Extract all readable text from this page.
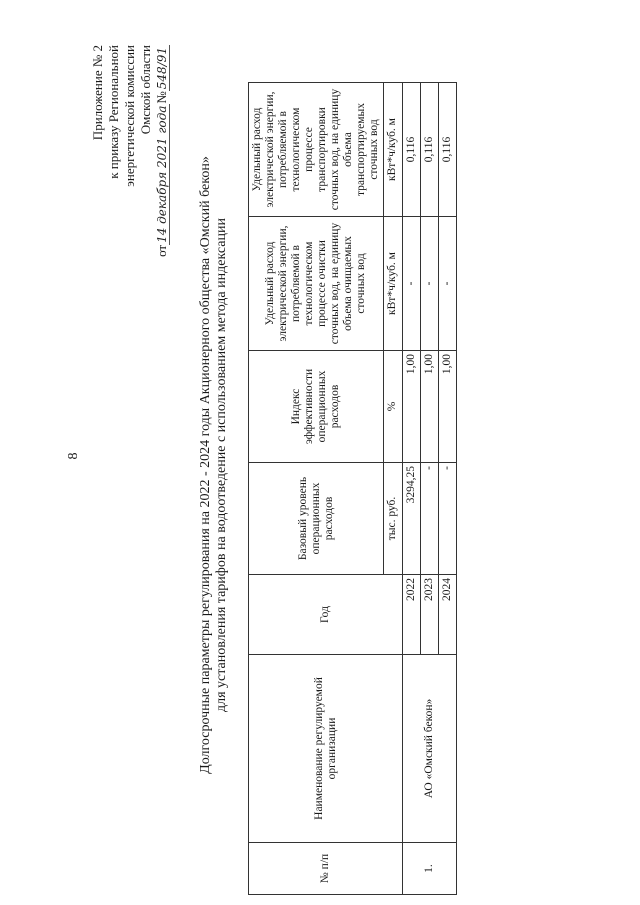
8
Приложение № 2 к приказу Региональной энергетической комиссии Омской области
от14 декабря 2021 года№548/91
Долгосрочные параметры регулирования на 2022 - 2024 годы Акционерного общества «Омский бекон» для установления тарифов на водоотведение с использованием метода индексации
№ п/п	Наименование регулируемой организации	Год	Базовый уровень операционных расходов	Индекс эффективности операционных расходов	Удельный расход электрической энергии, потребляемой в технологическом процессе очистки сточных вод, на единицу объема очищаемых сточных вод	Удельный расход электрической энергии, потребляемой в технологическом процессе транспортировки сточных вод, на единицу объема транспортируемых сточных вод
			тыс. руб.	%	кВт*ч/куб. м	кВт*ч/куб. м
1.	АО «Омский бекон»	2022	3294,25	1,00	-	0,116
		2023	-	1,00	-	0,116
		2024	-	1,00	-	0,116
